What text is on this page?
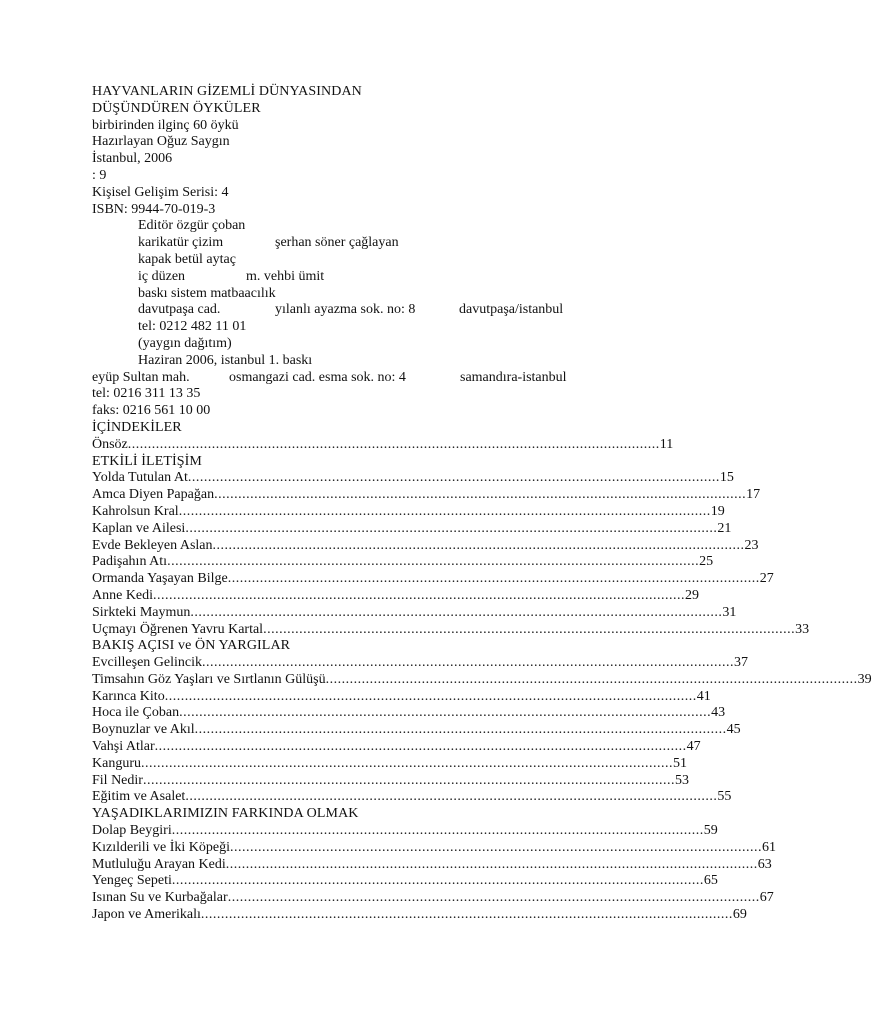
HAYVANLARIN GİZEMLİ DÜNYASINDAN
DÜŞÜNDÜREN ÖYKÜLER
birbirinden ilginç 60 öykü
Hazırlayan Oğuz Saygın
İstanbul, 2006
: 9
Kişisel Gelişim Serisi: 4
ISBN: 9944-70-019-3
Editör özgür çoban
karikatür çizim	şerhan söner çağlayan
kapak betül aytaç
iç düzen	m. vehbi ümit
baskı sistem matbaacılık
davutpaşa cad.	yılanlı ayazma sok. no: 8	davutpaşa/istanbul
tel: 0212 482 11 01
(yaygın dağıtım)
Haziran 2006, istanbul 1. baskı
eyüp Sultan mah.	osmangazi cad. esma sok. no: 4	samandıra-istanbul
tel: 0216 311 13 35
faks: 0216 561 10 00
İÇİNDEKİLER
Önsöz ..................................................................................................................................... 11
ETKİLİ İLETİŞİM
Yolda Tutulan At ..................................................................................................................................... 15
Amca Diyen Papağan ..................................................................................................................................... 17
Kahrolsun Kral ..................................................................................................................................... 19
Kaplan ve Ailesi ..................................................................................................................................... 21
Evde Bekleyen Aslan ..................................................................................................................................... 23
Padişahın Atı ..................................................................................................................................... 25
Ormanda Yaşayan Bilge ..................................................................................................................................... 27
Anne Kedi ..................................................................................................................................... 29
Sirkteki Maymun ..................................................................................................................................... 31
Uçmayı Öğrenen Yavru Kartal ..................................................................................................................................... 33
BAKIŞ AÇISI ve ÖN YARGILAR
Evcilleşen Gelincik ..................................................................................................................................... 37
Timsahın Göz Yaşları ve Sırtlanın Gülüşü ..................................................................................................................................... 39
Karınca Kito ..................................................................................................................................... 41
Hoca ile Çoban ..................................................................................................................................... 43
Boynuzlar ve Akıl ..................................................................................................................................... 45
Vahşi Atlar ..................................................................................................................................... 47
Kanguru ..................................................................................................................................... 51
Fil Nedir ..................................................................................................................................... 53
Eğitim ve Asalet ..................................................................................................................................... 55
YAŞADIKLARIMIZIN FARKINDA OLMAK
Dolap Beygiri ..................................................................................................................................... 59
Kızılderili ve İki Köpeği ..................................................................................................................................... 61
Mutluluğu Arayan Kedi ..................................................................................................................................... 63
Yengeç Sepeti ..................................................................................................................................... 65
Isınan Su ve Kurbağalar ..................................................................................................................................... 67
Japon ve Amerikalı ..................................................................................................................................... 69
